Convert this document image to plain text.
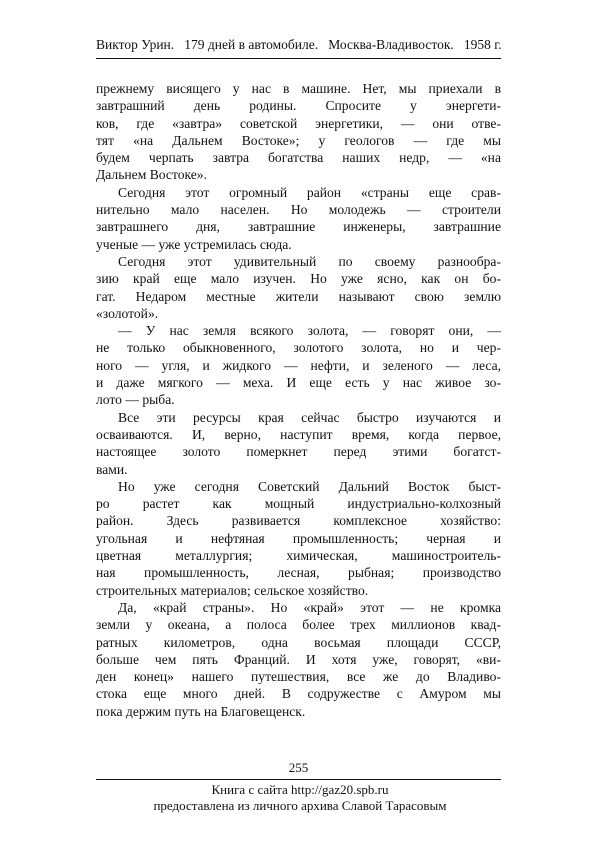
Виктор Урин.   179 дней в автомобиле.   Москва-Владивосток.   1958 г.
прежнему висящего у нас в машине. Нет, мы приехали в
завтрашний день родины. Спросите у энергети-
ков, где «завтра» советской энергетики, — они отве-
тят «на Дальнем Востоке»; у геологов — где мы
будем черпать завтра богатства наших недр, — «на
Дальнем Востоке».
Сегодня этот огромный район «страны еще срав-
нительно мало населен. Но молодежь — строители
завтрашнего дня, завтрашние инженеры, завтрашние
ученые — уже устремилась сюда.
Сегодня этот удивительный по своему разнообра-
зию край еще мало изучен. Но уже ясно, как он бо-
гат. Недаром местные жители называют свою землю
«золотой».
— У нас земля всякого золота, — говорят они, —
не только обыкновенного, золотого золота, но и чер-
ного — угля, и жидкого — нефти, и зеленого — леса,
и даже мягкого — меха. И еще есть у нас живое зо-
лото — рыба.
Все эти ресурсы края сейчас быстро изучаются и
осваиваются. И, верно, наступит время, когда первое,
настоящее золото померкнет перед этими богатст-
вами.
Но уже сегодня Советский Дальний Восток быст-
ро растет как мощный индустриально-колхозный
район. Здесь развивается комплексное хозяйство:
угольная и нефтяная промышленность; черная и
цветная металлургия; химическая, машиностроитель-
ная промышленность, лесная, рыбная; производство
строительных материалов; сельское хозяйство.
Да, «край страны». Но «край» этот — не кромка
земли у океана, а полоса более трех миллионов квад-
ратных километров, одна восьмая площади СССР,
больше чем пять Франций. И хотя уже, говорят, «ви-
ден конец» нашего путешествия, все же до Владиво-
стока еще много дней. В содружестве с Амуром мы
пока держим путь на Благовещенск.
255
Книга с сайта http://gaz20.spb.ru
предоставлена из личного архива Славой Тарасовым
